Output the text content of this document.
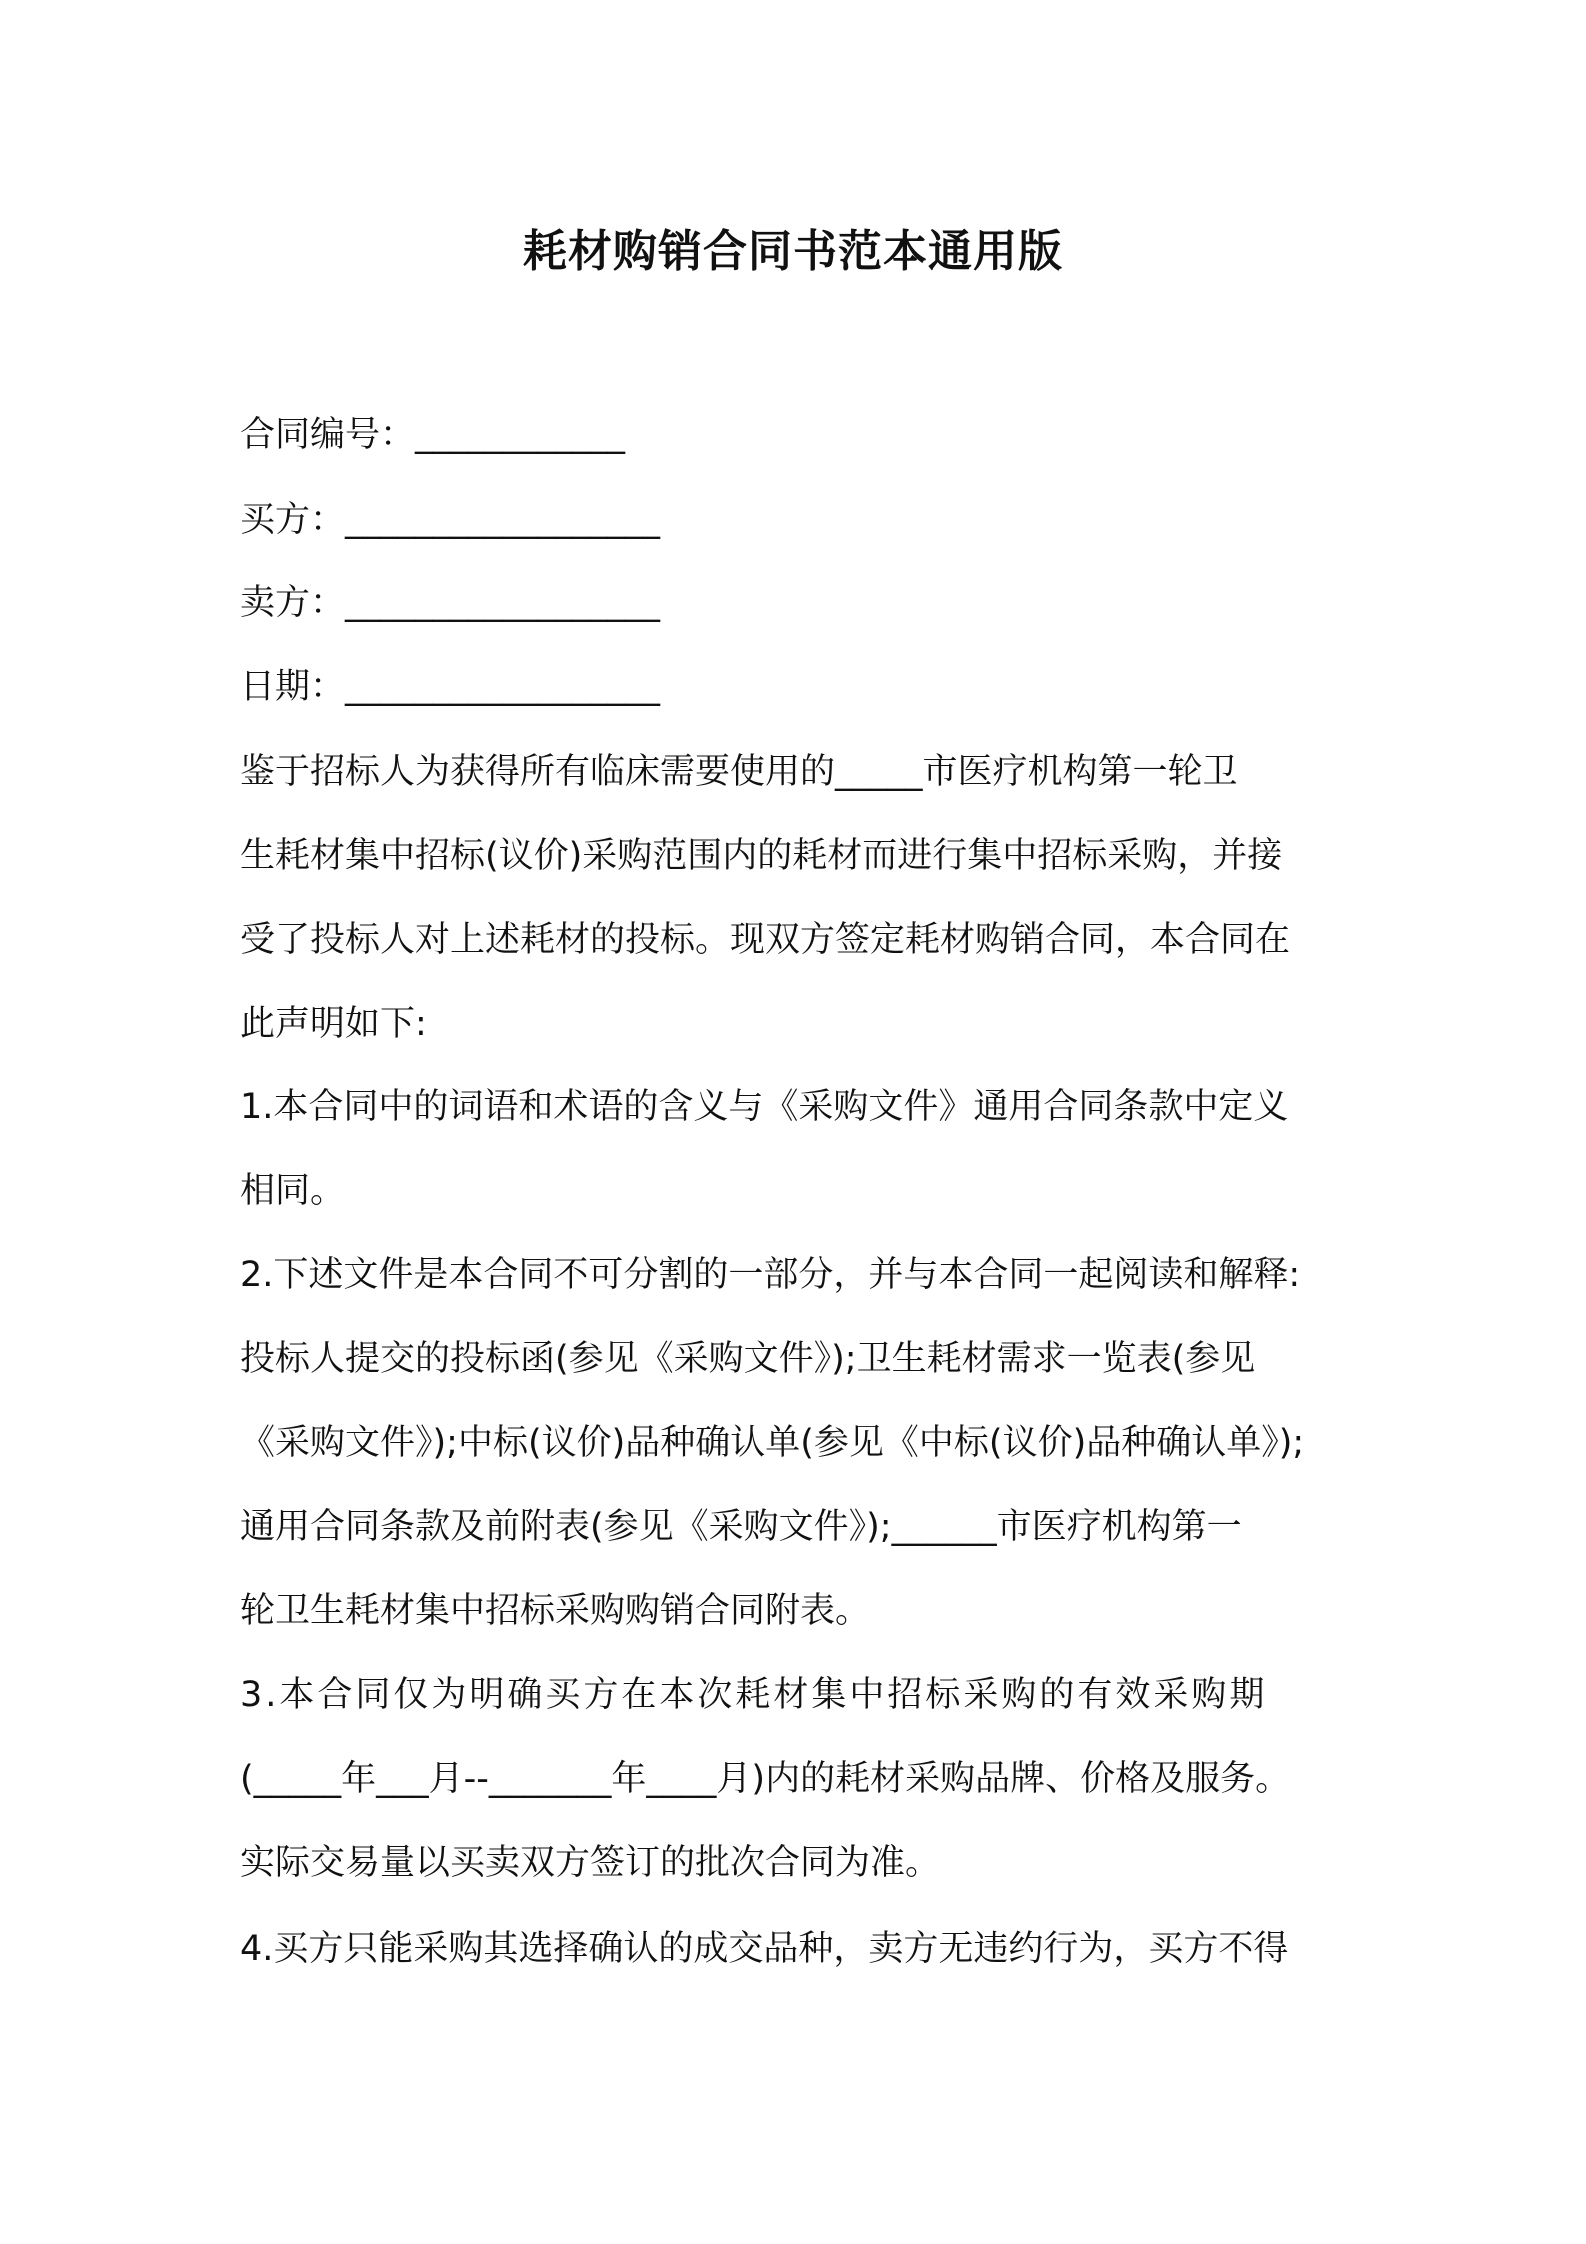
耗材购销合同书范本通用版
合同编号：____________
买方：__________________
卖方：__________________
日期：__________________
鉴于招标人为获得所有临床需要使用的_____市医疗机构第一轮卫
生耗材集中招标(议价)采购范围内的耗材而进行集中招标采购，并接
受了投标人对上述耗材的投标。现双方签定耗材购销合同，本合同在
此声明如下:
1.本合同中的词语和术语的含义与《采购文件》通用合同条款中定义
相同。
2.下述文件是本合同不可分割的一部分，并与本合同一起阅读和解释:
投标人提交的投标函(参见《采购文件》);卫生耗材需求一览表(参见
《采购文件》);中标(议价)品种确认单(参见《中标(议价)品种确认单》);
通用合同条款及前附表(参见《采购文件》);______市医疗机构第一
轮卫生耗材集中招标采购购销合同附表。
3.本合同仅为明确买方在本次耗材集中招标采购的有效采购期
(_____年___月--_______年____月)内的耗材采购品牌、价格及服务。
实际交易量以买卖双方签订的批次合同为准。
4.买方只能采购其选择确认的成交品种，卖方无违约行为，买方不得
